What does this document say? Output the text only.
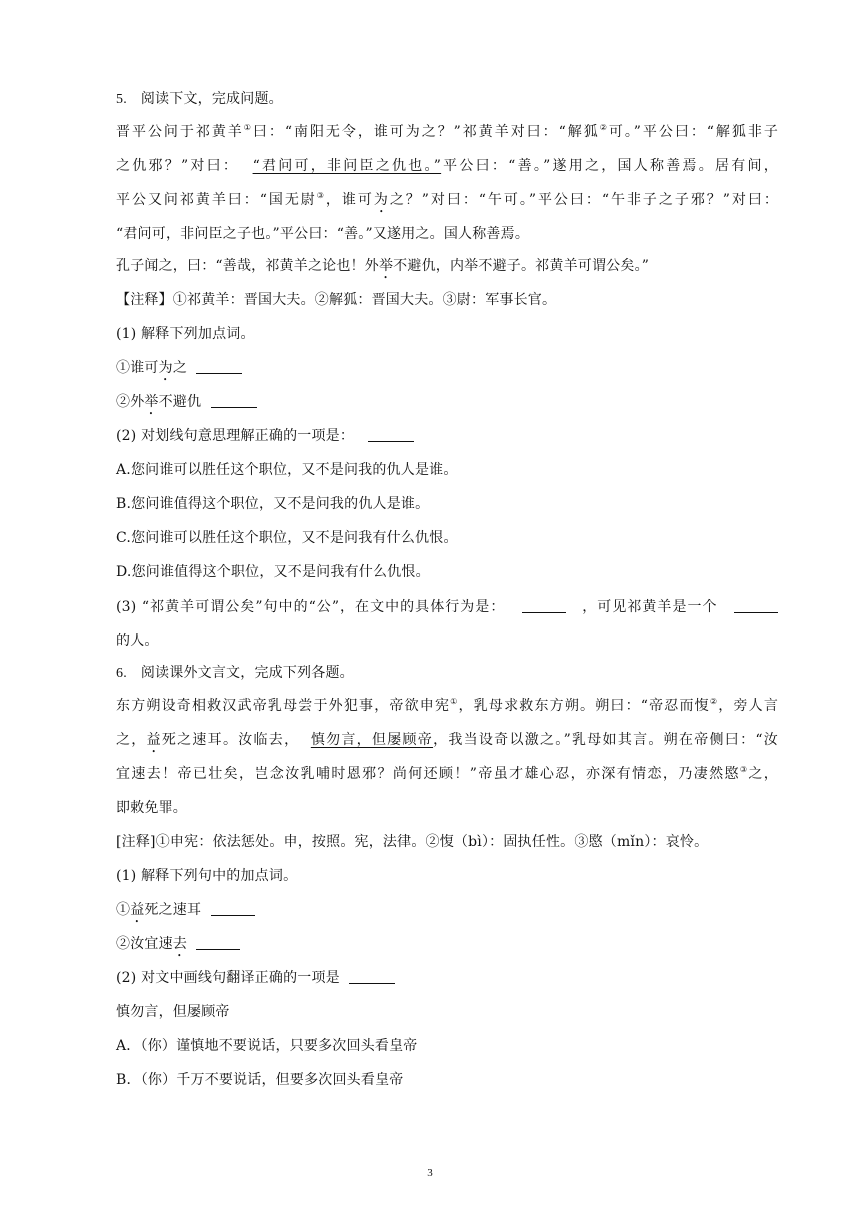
5. 阅读下文，完成问题。
晋平公问于祁黄羊①曰：“南阳无令，谁可为之？”祁黄羊对曰：“解狐②可。”平公曰：“解狐非子
之仇邪？”对曰： “君问可，非问臣之仇也。”平公曰：“善。”遂用之，国人称善焉。居有间，
平公又问祁黄羊曰：“国无尉③，谁可为之？”对曰：“午可。”平公曰：“午非子之子邪？”对曰：
“君问可，非问臣之子也。”平公曰：“善。”又遂用之。国人称善焉。
孔子闻之，曰：“善哉，祁黄羊之论也！外举不避仇，内举不避子。祁黄羊可谓公矣。”
【注释】①祁黄羊：晋国大夫。②解狐：晋国大夫。③尉：军事长官。
(1) 解释下列加点词。
①谁可为之
②外举不避仇
(2) 对划线句意思理解正确的一项是：
A.您问谁可以胜任这个职位，又不是问我的仇人是谁。
B.您问谁值得这个职位，又不是问我的仇人是谁。
C.您问谁可以胜任这个职位，又不是问我有什么仇恨。
D.您问谁值得这个职位，又不是问我有什么仇恨。
(3) “祁黄羊可谓公矣”句中的“公”，在文中的具体行为是：	，可见祁黄羊是一个
的人。
6. 阅读课外文言文，完成下列各题。
东方朔设奇相救汉武帝乳母尝于外犯事，帝欲申宪①，乳母求救东方朔。朔曰：“帝忍而愎②，旁人言
之，益死之速耳。汝临去， 慎勿言，但屡顾帝，我当设奇以激之。”乳母如其言。朔在帝侧曰：“汝
宜速去！帝已壮矣，岂念汝乳哺时恩邪？尚何还顾！”帝虽才雄心忍，亦深有情恋，乃凄然愍③之，
即敕免罪。
[注释]①申宪：依法惩处。申，按照。宪，法律。②愎（bì）：固执任性。③愍（mǐn）：哀怜。
(1) 解释下列句中的加点词。
①益死之速耳
②汝宜速去
(2) 对文中画线句翻译正确的一项是
慎勿言，但屡顾帝
A．（你）谨慎地不要说话，只要多次回头看皇帝
B．（你）千万不要说话，但要多次回头看皇帝
3
